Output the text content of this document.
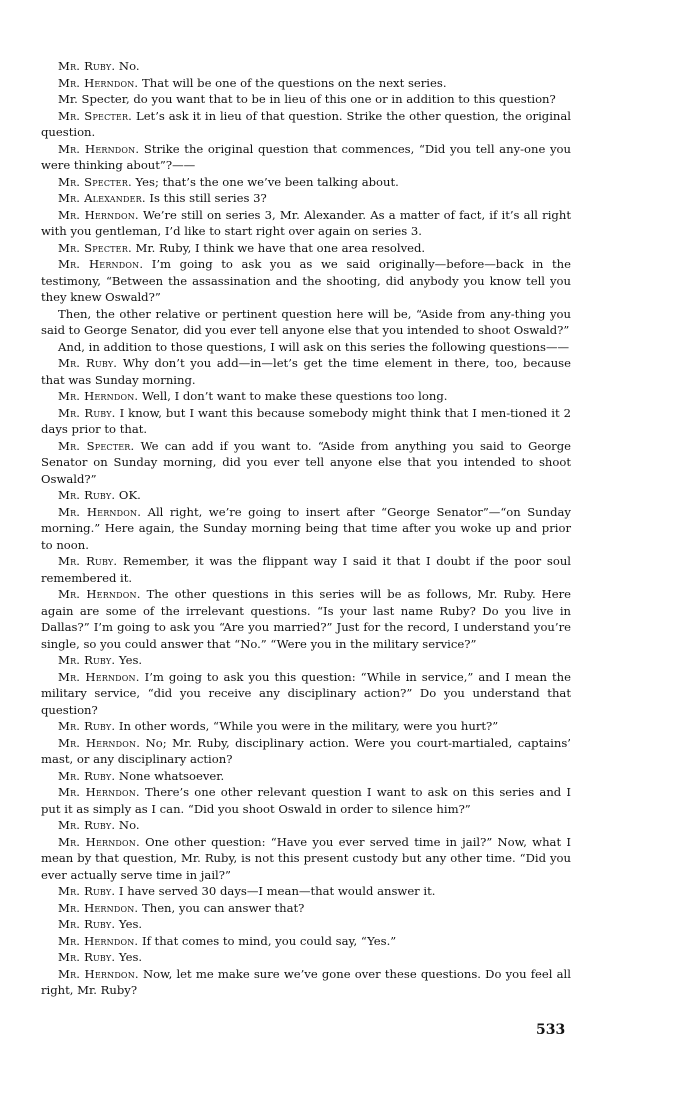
Mr. Ruby. No.

Mr. Herndon. That will be one of the questions on the next series.

Mr. Specter, do you want that to be in lieu of this one or in addition to this question?

Mr. Specter. Let’s ask it in lieu of that question. Strike the other question, the original question.

Mr. Herndon. Strike the original question that commences, “Did you tell any-one you were thinking about”?——

Mr. Specter. Yes; that’s the one we’ve been talking about.

Mr. Alexander. Is this still series 3?

Mr. Herndon. We’re still on series 3, Mr. Alexander. As a matter of fact, if it’s all right with you gentleman, I’d like to start right over again on series 3.

Mr. Specter. Mr. Ruby, I think we have that one area resolved.

Mr. Herndon. I’m going to ask you as we said originally—before—back in the testimony, “Between the assassination and the shooting, did anybody you know tell you they knew Oswald?”

Then, the other relative or pertinent question here will be, “Aside from any-thing you said to George Senator, did you ever tell anyone else that you intended to shoot Oswald?”

And, in addition to those questions, I will ask on this series the following questions——

Mr. Ruby. Why don’t you add—in—let’s get the time element in there, too, because that was Sunday morning.

Mr. Herndon. Well, I don’t want to make these questions too long.

Mr. Ruby. I know, but I want this because somebody might think that I men-tioned it 2 days prior to that.

Mr. Specter. We can add if you want to. “Aside from anything you said to George Senator on Sunday morning, did you ever tell anyone else that you intended to shoot Oswald?”

Mr. Ruby. OK.

Mr. Herndon. All right, we’re going to insert after “George Senator”—“on Sunday morning.” Here again, the Sunday morning being that time after you woke up and prior to noon.

Mr. Ruby. Remember, it was the flippant way I said it that I doubt if the poor soul remembered it.

Mr. Herndon. The other questions in this series will be as follows, Mr. Ruby. Here again are some of the irrelevant questions. “Is your last name Ruby? Do you live in Dallas?” I’m going to ask you “Are you married?” Just for the record, I understand you’re single, so you could answer that “No.” “Were you in the military service?”

Mr. Ruby. Yes.

Mr. Herndon. I’m going to ask you this question: “While in service,” and I mean the military service, “did you receive any disciplinary action?” Do you understand that question?

Mr. Ruby. In other words, “While you were in the military, were you hurt?”

Mr. Herndon. No; Mr. Ruby, disciplinary action. Were you court-martialed, captains’ mast, or any disciplinary action?

Mr. Ruby. None whatsoever.

Mr. Herndon. There’s one other relevant question I want to ask on this series and I put it as simply as I can. “Did you shoot Oswald in order to silence him?”

Mr. Ruby. No.

Mr. Herndon. One other question: “Have you ever served time in jail?” Now, what I mean by that question, Mr. Ruby, is not this present custody but any other time. “Did you ever actually serve time in jail?”

Mr. Ruby. I have served 30 days—I mean—that would answer it.

Mr. Herndon. Then, you can answer that?

Mr. Ruby. Yes.

Mr. Herndon. If that comes to mind, you could say, “Yes.”

Mr. Ruby. Yes.

Mr. Herndon. Now, let me make sure we’ve gone over these questions. Do you feel all right, Mr. Ruby?

533
